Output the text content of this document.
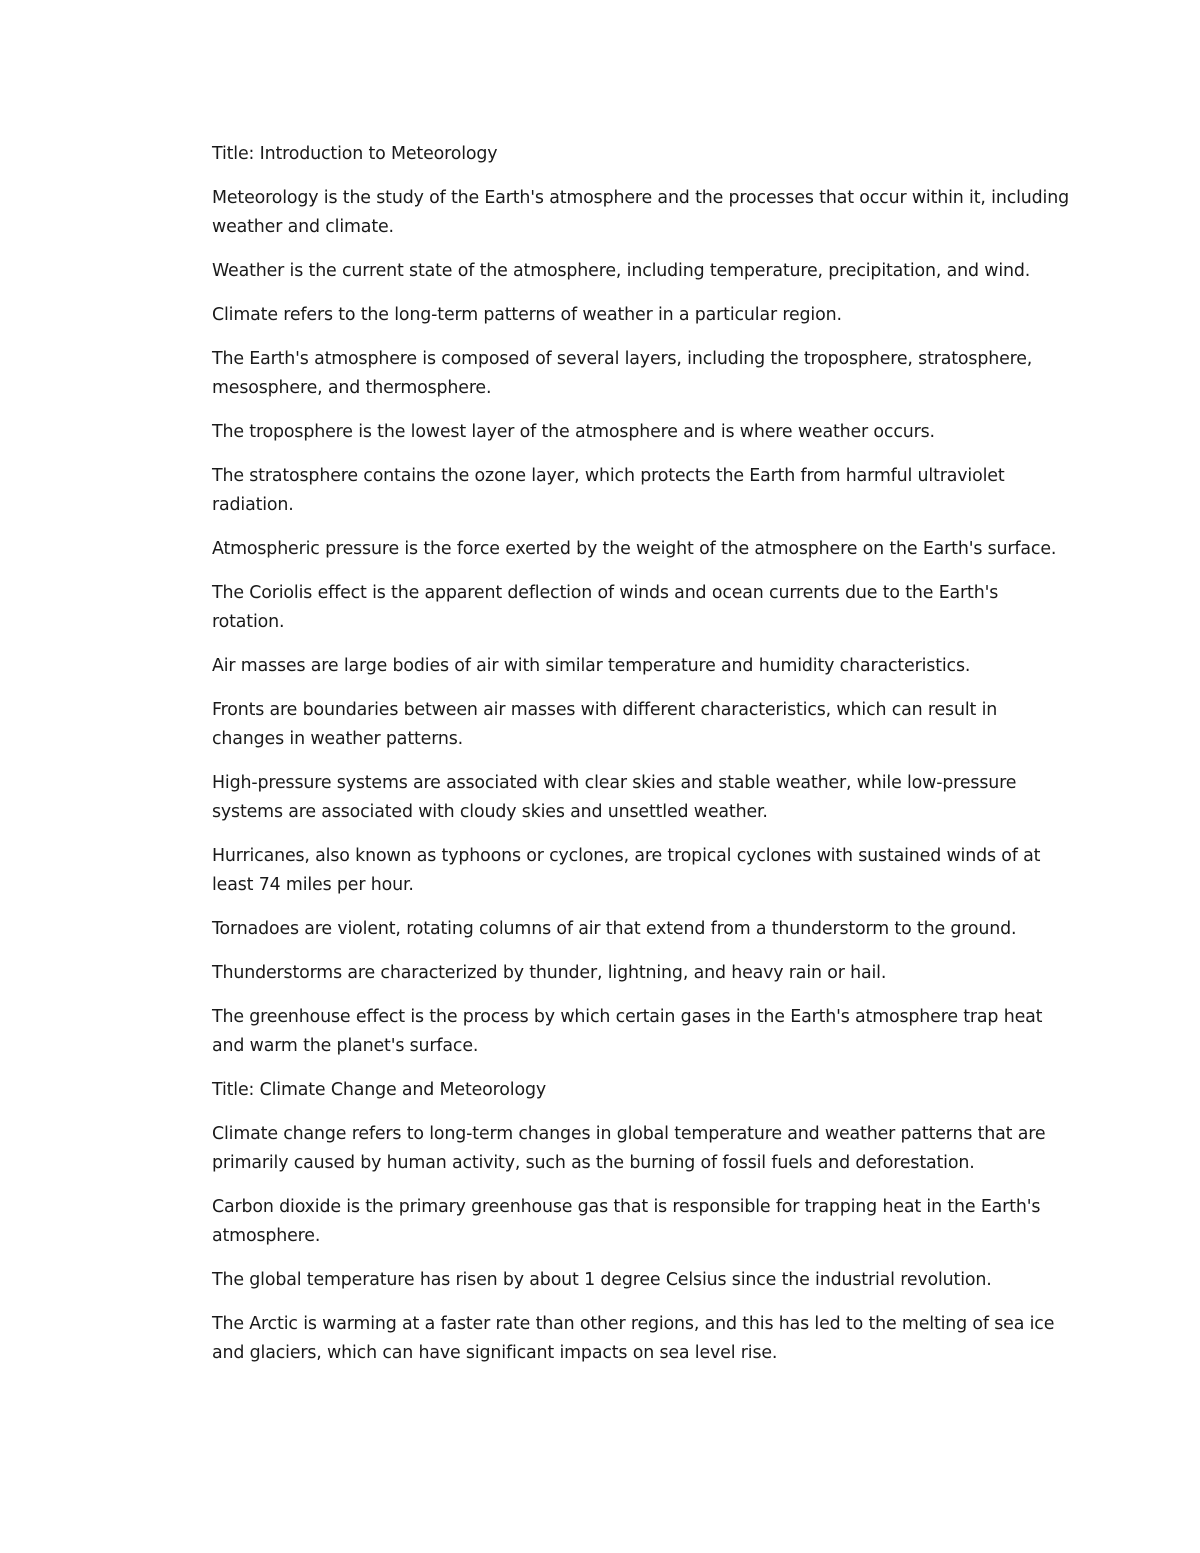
Title: Introduction to Meteorology

Meteorology is the study of the Earth's atmosphere and the processes that occur within it, including weather and climate.

Weather is the current state of the atmosphere, including temperature, precipitation, and wind.

Climate refers to the long-term patterns of weather in a particular region.

The Earth's atmosphere is composed of several layers, including the troposphere, stratosphere, mesosphere, and thermosphere.

The troposphere is the lowest layer of the atmosphere and is where weather occurs.

The stratosphere contains the ozone layer, which protects the Earth from harmful ultraviolet radiation.

Atmospheric pressure is the force exerted by the weight of the atmosphere on the Earth's surface.

The Coriolis effect is the apparent deflection of winds and ocean currents due to the Earth's rotation.

Air masses are large bodies of air with similar temperature and humidity characteristics.

Fronts are boundaries between air masses with different characteristics, which can result in changes in weather patterns.

High-pressure systems are associated with clear skies and stable weather, while low-pressure systems are associated with cloudy skies and unsettled weather.

Hurricanes, also known as typhoons or cyclones, are tropical cyclones with sustained winds of at least 74 miles per hour.

Tornadoes are violent, rotating columns of air that extend from a thunderstorm to the ground.

Thunderstorms are characterized by thunder, lightning, and heavy rain or hail.

The greenhouse effect is the process by which certain gases in the Earth's atmosphere trap heat and warm the planet's surface.

Title: Climate Change and Meteorology

Climate change refers to long-term changes in global temperature and weather patterns that are primarily caused by human activity, such as the burning of fossil fuels and deforestation.

Carbon dioxide is the primary greenhouse gas that is responsible for trapping heat in the Earth's atmosphere.

The global temperature has risen by about 1 degree Celsius since the industrial revolution.

The Arctic is warming at a faster rate than other regions, and this has led to the melting of sea ice and glaciers, which can have significant impacts on sea level rise.
